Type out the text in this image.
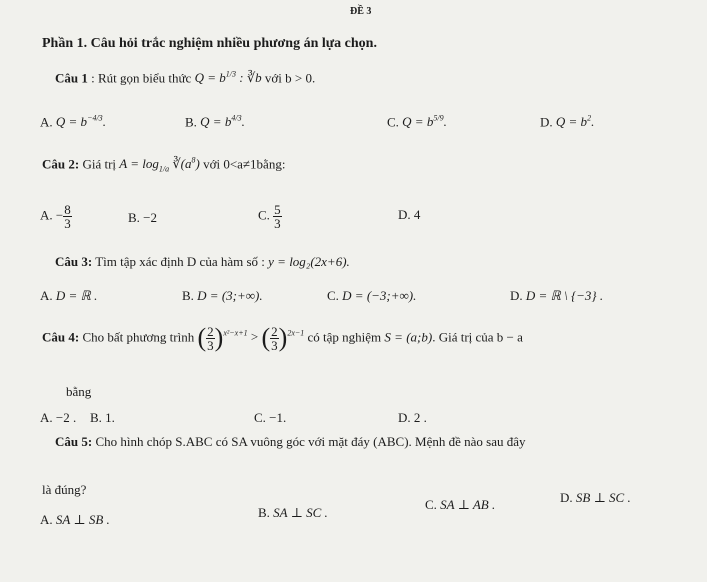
ĐỀ 3
Phần 1. Câu hỏi trắc nghiệm nhiều phương án lựa chọn.
Câu 1 : Rút gọn biểu thức $Q = b^{1/3}$ : ∛b với b > 0.
A. $Q = b^{-4/3}$.	B. $Q = b^{4/3}$.	C. $Q = b^{5/9}$.	D. $Q = b^2$.
Câu 2: Giá trị $A = \log_{1/a}$ $∛(a^8)$ với 0<a≠1bằng:
A. − $\frac{8}{3}$	B. −2	C. $\frac{5}{3}$	D. 4
Câu 3: Tìm tập xác định D của hàm số : y = log₂(2x+6).
A. D = ℝ .	B. D = (3;+∞).	C. D = (−3;+∞).	D. D = ℝ \ {−3} .
Câu 4: Cho bất phương trình ( $\frac{2}{3} )^{x^2-x+1}$ > ( $\frac{2}{3} )^{2x-1}$ có tập nghiệm S = (a;b). Giá trị của b − a
bằng
A. −2 . B. 1.	C. −1.	D. 2 .
Câu 5: Cho hình chóp S.ABC có SA vuông góc với mặt đáy (ABC). Mệnh đề nào sau đây
là đúng?
A. SA ⊥ SB .	B. SA ⊥ SC .
C. SA ⊥ AB .	D. SB ⊥ SC .
